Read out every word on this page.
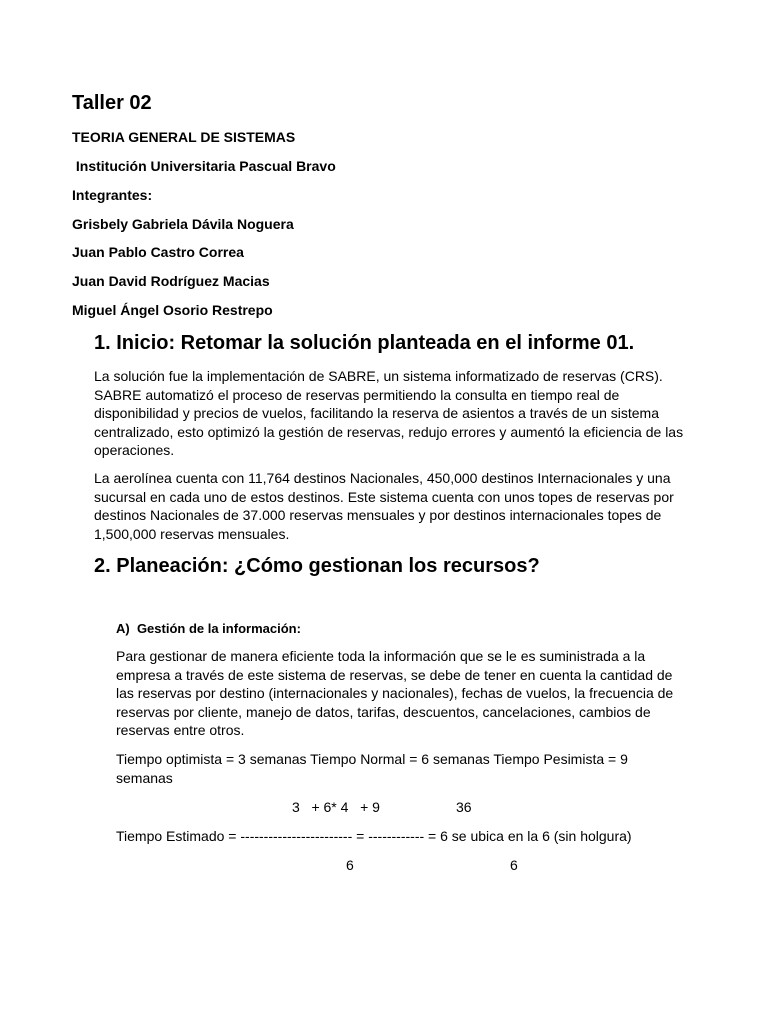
Taller 02

TEORIA GENERAL DE SISTEMAS

Institución Universitaria Pascual Bravo

Integrantes:

Grisbely Gabriela Dávila Noguera

Juan Pablo Castro Correa

Juan David Rodríguez Macias

Miguel Ángel Osorio Restrepo

1. Inicio: Retomar la solución planteada en el informe 01.

La solución fue la implementación de SABRE, un sistema informatizado de reservas (CRS).
SABRE automatizó el proceso de reservas permitiendo la consulta en tiempo real de
disponibilidad y precios de vuelos, facilitando la reserva de asientos a través de un sistema
centralizado, esto optimizó la gestión de reservas, redujo errores y aumentó la eficiencia de las
operaciones.

La aerolínea cuenta con 11,764 destinos Nacionales, 450,000 destinos Internacionales y una
sucursal en cada uno de estos destinos. Este sistema cuenta con unos topes de reservas por
destinos Nacionales de 37.000 reservas mensuales y por destinos internacionales topes de
1,500,000 reservas mensuales.

2. Planeación: ¿Cómo gestionan los recursos?

A)  Gestión de la información:

Para gestionar de manera eficiente toda la información que se le es suministrada a la
empresa a través de este sistema de reservas, se debe de tener en cuenta la cantidad de
las reservas por destino (internacionales y nacionales), fechas de vuelos, la frecuencia de
reservas por cliente, manejo de datos, tarifas, descuentos, cancelaciones, cambios de
reservas entre otros.

Tiempo optimista = 3 semanas Tiempo Normal = 6 semanas Tiempo Pesimista = 9
semanas

3   + 6* 4   + 9	36

Tiempo Estimado = ------------------------ = ------------ = 6 se ubica en la 6 (sin holgura)

6	6
